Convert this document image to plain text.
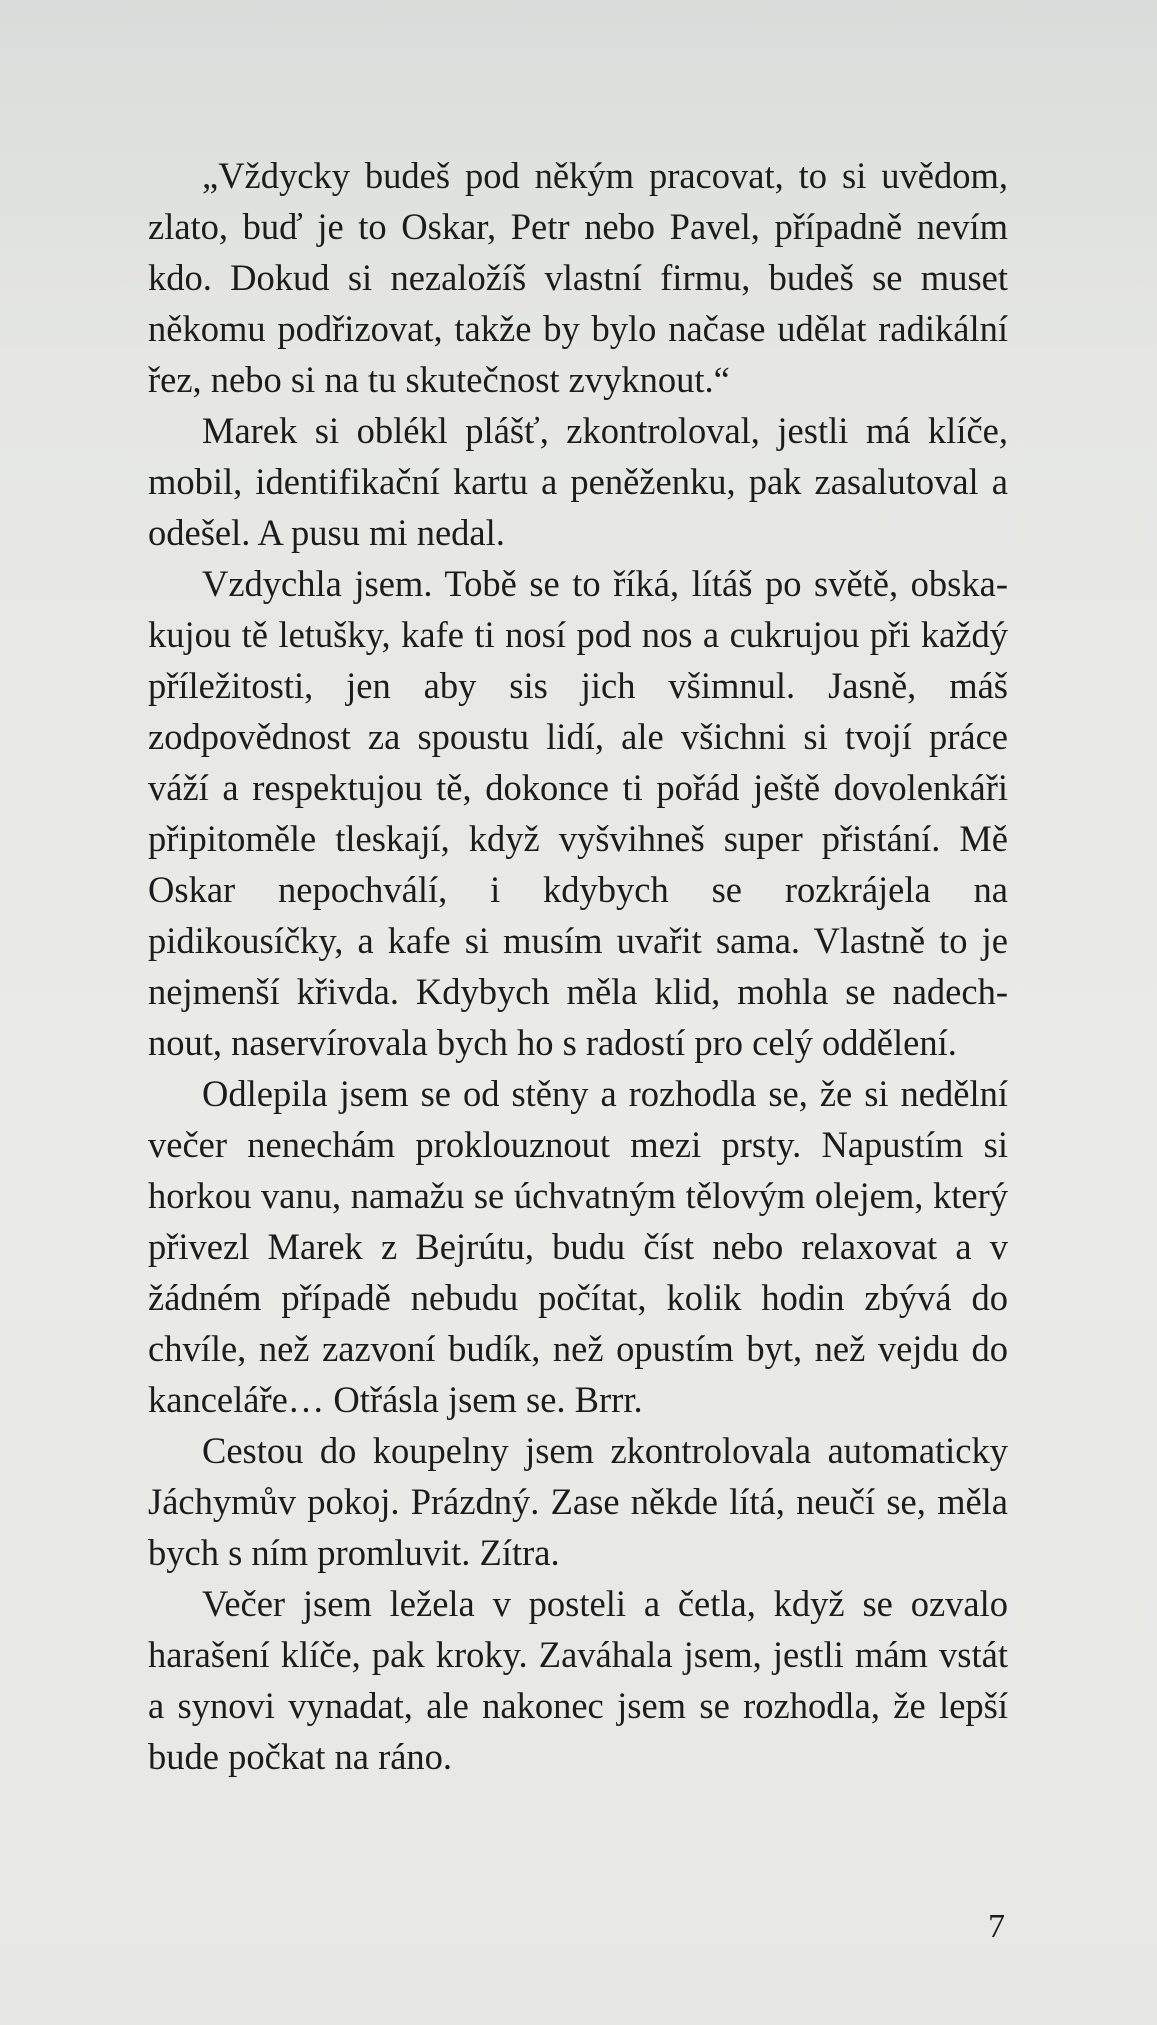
„Vždycky budeš pod někým pracovat, to si uvědom, zlato, buď je to Oskar, Petr nebo Pavel, případně nevím kdo. Dokud si nezaložíš vlastní firmu, budeš se muset někomu podřizovat, takže by bylo načase udělat radikální řez, nebo si na tu skutečnost zvyknout.“

Marek si oblékl plášť, zkontroloval, jestli má klíče, mobil, identifikační kartu a peněženku, pak zasalutoval a odešel. A pusu mi nedal.

Vzdychla jsem. Tobě se to říká, lítáš po světě, obskakujou tě letušky, kafe ti nosí pod nos a cukrujou při každý příležitosti, jen aby sis jich všimnul. Jasně, máš zodpovědnost za spoustu lidí, ale všichni si tvojí práce váží a respektujou tě, dokonce ti pořád ještě dovolenkáři připitoměle tleskají, když vyšvihneš super přistání. Mě Oskar nepochválí, i kdybych se rozkrájela na pidikousíčky, a kafe si musím uvařit sama. Vlastně to je nejmenší křivda. Kdybych měla klid, mohla se nadechnout, naservírovala bych ho s radostí pro celý oddělení.

Odlepila jsem se od stěny a rozhodla se, že si nedělní večer nenechám proklouznout mezi prsty. Napustím si horkou vanu, namažu se úchvatným tělovým olejem, který přivezl Marek z Bejrútu, budu číst nebo relaxovat a v žádném případě nebudu počítat, kolik hodin zbývá do chvíle, než zazvoní budík, než opustím byt, než vejdu do kanceláře… Otřásla jsem se. Brrr.

Cestou do koupelny jsem zkontrolovala automaticky Jáchymův pokoj. Prázdný. Zase někde lítá, neučí se, měla bych s ním promluvit. Zítra.

Večer jsem ležela v posteli a četla, když se ozvalo harašení klíče, pak kroky. Zaváhala jsem, jestli mám vstát a synovi vynadat, ale nakonec jsem se rozhodla, že lepší bude počkat na ráno.

7
